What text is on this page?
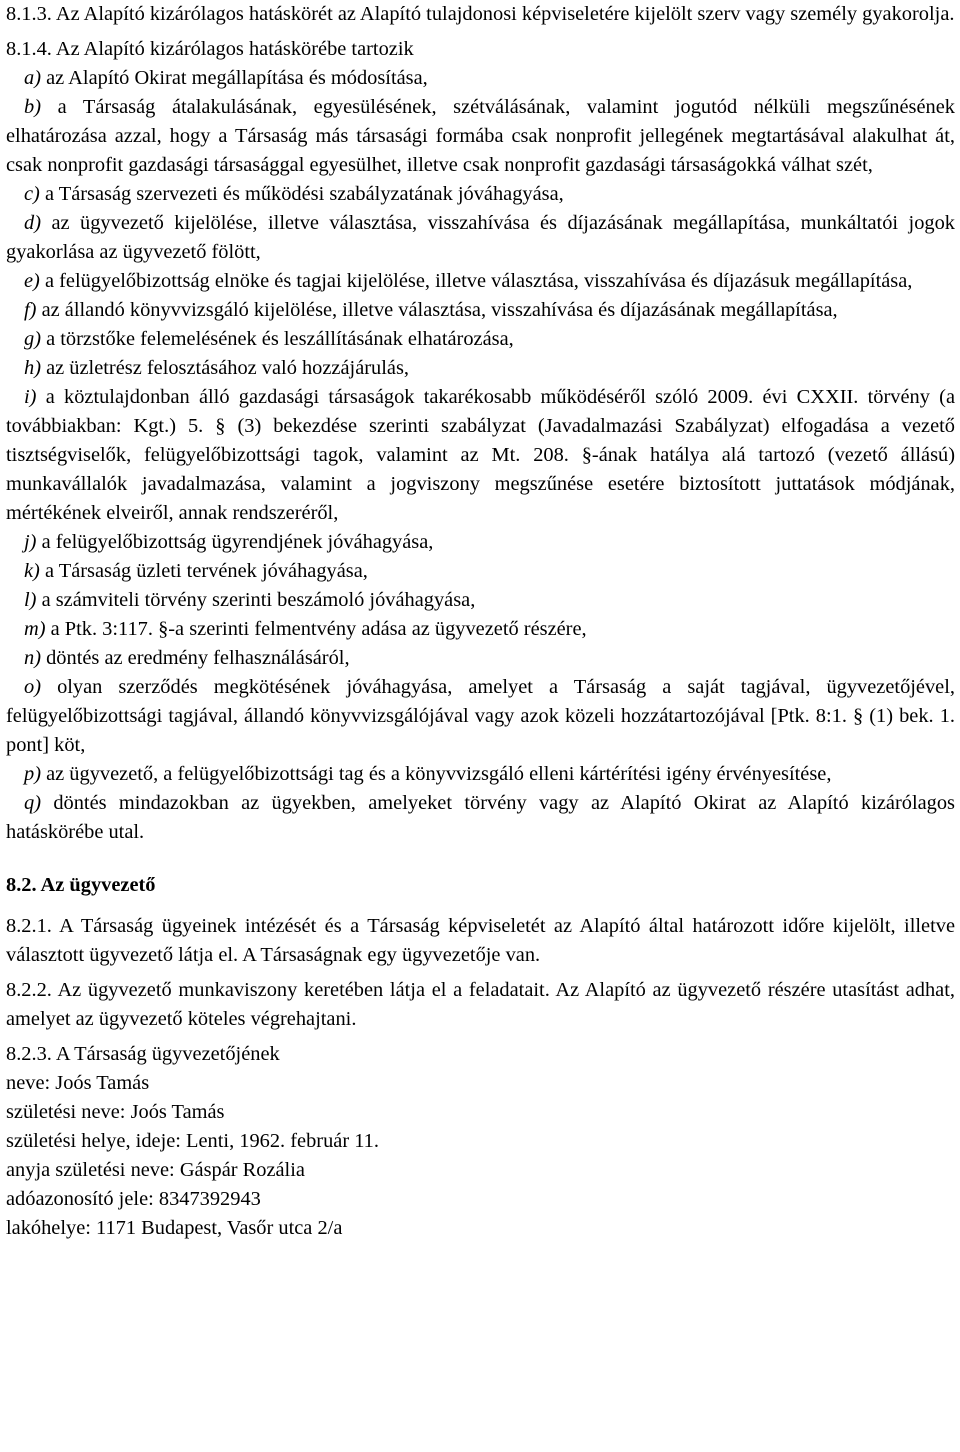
8.1.3. Az Alapító kizárólagos hatáskörét az Alapító tulajdonosi képviseletére kijelölt szerv vagy személy gyakorolja.

8.1.4. Az Alapító kizárólagos hatáskörébe tartozik

a) az Alapító Okirat megállapítása és módosítása,

b) a Társaság átalakulásának, egyesülésének, szétválásának, valamint jogutód nélküli megszűnésének elhatározása azzal, hogy a Társaság más társasági formába csak nonprofit jellegének megtartásával alakulhat át, csak nonprofit gazdasági társasággal egyesülhet, illetve csak nonprofit gazdasági társaságokká válhat szét,

c) a Társaság szervezeti és működési szabályzatának jóváhagyása,

d) az ügyvezető kijelölése, illetve választása, visszahívása és díjazásának megállapítása, munkáltatói jogok gyakorlása az ügyvezető fölött,

e) a felügyelőbizottság elnöke és tagjai kijelölése, illetve választása, visszahívása és díjazásuk megállapítása,

f) az állandó könyvvizsgáló kijelölése, illetve választása, visszahívása és díjazásának megállapítása,

g) a törzstőke felemelésének és leszállításának elhatározása,

h) az üzletrész felosztásához való hozzájárulás,

i) a köztulajdonban álló gazdasági társaságok takarékosabb működéséről szóló 2009. évi CXXII. törvény (a továbbiakban: Kgt.) 5. § (3) bekezdése szerinti szabályzat (Javadalmazási Szabályzat) elfogadása a vezető tisztségviselők, felügyelőbizottsági tagok, valamint az Mt. 208. §-ának hatálya alá tartozó (vezető állású) munkavállalók javadalmazása, valamint a jogviszony megszűnése esetére biztosított juttatások módjának, mértékének elveiről, annak rendszeréről,

j) a felügyelőbizottság ügyrendjének jóváhagyása,

k) a Társaság üzleti tervének jóváhagyása,

l) a számviteli törvény szerinti beszámoló jóváhagyása,

m) a Ptk. 3:117. §-a szerinti felmentvény adása az ügyvezető részére,

n) döntés az eredmény felhasználásáról,

o) olyan szerződés megkötésének jóváhagyása, amelyet a Társaság a saját tagjával, ügyvezetőjével, felügyelőbizottsági tagjával, állandó könyvvizsgálójával vagy azok közeli hozzátartozójával [Ptk. 8:1. § (1) bek. 1. pont] köt,

p) az ügyvezető, a felügyelőbizottsági tag és a könyvvizsgáló elleni kártérítési igény érvényesítése,

q) döntés mindazokban az ügyekben, amelyeket törvény vagy az Alapító Okirat az Alapító kizárólagos hatáskörébe utal.

8.2. Az ügyvezető

8.2.1. A Társaság ügyeinek intézését és a Társaság képviseletét az Alapító által határozott időre kijelölt, illetve választott ügyvezető látja el. A Társaságnak egy ügyvezetője van.

8.2.2. Az ügyvezető munkaviszony keretében látja el a feladatait. Az Alapító az ügyvezető részére utasítást adhat, amelyet az ügyvezető köteles végrehajtani.

8.2.3. A Társaság ügyvezetőjének

neve: Joós Tamás

születési neve: Joós Tamás

születési helye, ideje: Lenti, 1962. február 11.

anyja születési neve: Gáspár Rozália

adóazonosító jele: 8347392943

lakóhelye: 1171 Budapest, Vasőr utca 2/a
